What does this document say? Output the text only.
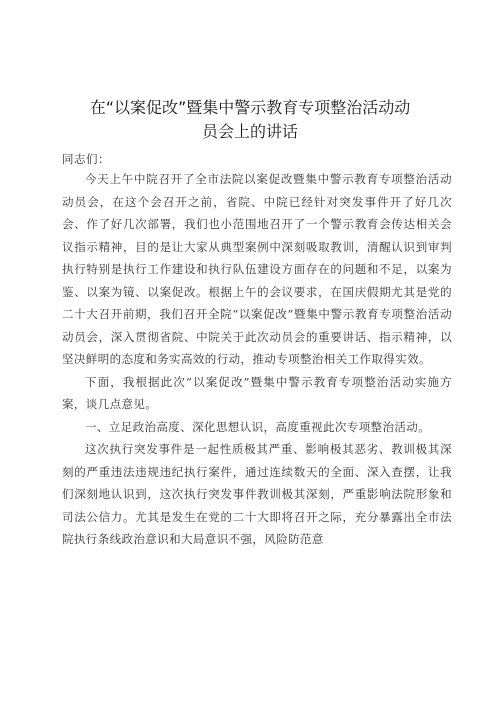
在“以案促改”暨集中警示教育专项整治活动动
员会上的讲话
同志们：

今天上午中院召开了全市法院以案促改暨集中警示教育专项整治活动动员会，在这个会召开之前，省院、中院已经针对突发事件开了好几次会、作了好几次部署，我们也小范围地召开了一个警示教育会传达相关会议指示精神，目的是让大家从典型案例中深刻吸取教训，清醒认识到审判执行特别是执行工作建设和执行队伍建设方面存在的问题和不足，以案为鉴、以案为镜、以案促改。根据上午的会议要求，在国庆假期尤其是党的二十大召开前期，我们召开全院“以案促改”暨集中警示教育专项整治活动动员会，深入贯彻省院、中院关于此次动员会的重要讲话、指示精神，以坚决鲜明的态度和务实高效的行动，推动专项整治相关工作取得实效。

下面，我根据此次“以案促改”暨集中警示教育专项整治活动实施方案，谈几点意见。

一、立足政治高度、深化思想认识，高度重视此次专项整治活动。

这次执行突发事件是一起性质极其严重、影响极其恶劣、教训极其深刻的严重违法违规违纪执行案件，通过连续数天的全面、深入查摆，让我们深刻地认识到，这次执行突发事件教训极其深刻，严重影响法院形象和司法公信力。尤其是发生在党的二十大即将召开之际，充分暴露出全市法院执行条线政治意识和大局意识不强，风险防范意
